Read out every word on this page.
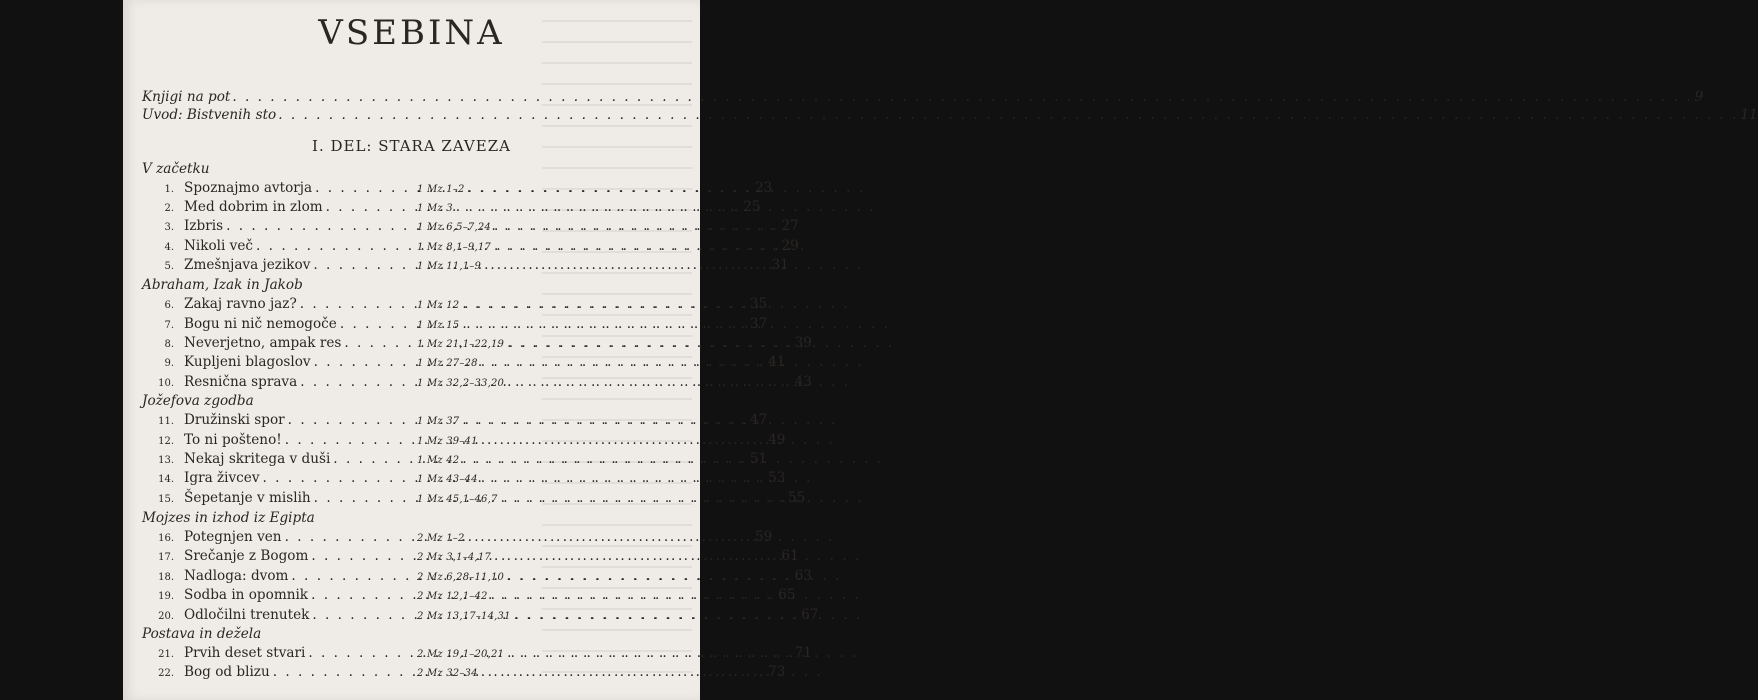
VSEBINA
Knjigi na pot . . .	9
Uvod: Bistvenih sto . . .	11
I. DEL: STARA ZAVEZA
V začetku
Abraham, Izak in Jakob
Jožefova zgodba
Mojzes in izhod iz Egipta
Postava in dežela
1. Spoznajmo avtorja . . .	1 Mz 1–2 . . .	23
2. Med dobrim in zlom . . .	1 Mz 3 . . .	25
3. Izbris . . .	1 Mz 6,5–7,24 . . .	27
4. Nikoli več . . .	1 Mz 8,1–9,17 . . .	29
5. Zmešnjava jezikov . . .	1 Mz 11,1–9 . . .	31
6. Zakaj ravno jaz? . . .	1 Mz 12 . . .	35
7. Bogu ni nič nemogoče . . .	1 Mz 15 . . .	37
8. Neverjetno, ampak res . . .	1 Mz 21,1–22,19 . . .	39
9. Kupljeni blagoslov . . .	1 Mz 27–28 . . .	41
10. Resnična sprava . . .	1 Mz 32,2–33,20 . . .	43
11. Družinski spor . . .	1 Mz 37 . . .	47
12. To ni pošteno! . . .	1 Mz 39–41 . . .	49
13. Nekaj skritega v duši . . .	1 Mz 42 . . .	51
14. Igra živcev . . .	1 Mz 43–44 . . .	53
15. Šepetanje v mislih . . .	1 Mz 45,1–46,7 . . .	55
16. Potegnjen ven . . .	2 Mz 1–2 . . .	59
17. Srečanje z Bogom . . .	2 Mz 3,1–4,17 . . .	61
18. Nadloga: dvom . . .	2 Mz 6,28–11,10 . . .	63
19. Sodba in opomnik . . .	2 Mz 12,1–42 . . .	65
20. Odločilni trenutek . . .	2 Mz 13,17–14,31 . . .	67
21. Prvih deset stvari . . .	2 Mz 19,1–20,21 . . .	71
22. Bog od blizu . . .	2 Mz 32–34 . . .	73
